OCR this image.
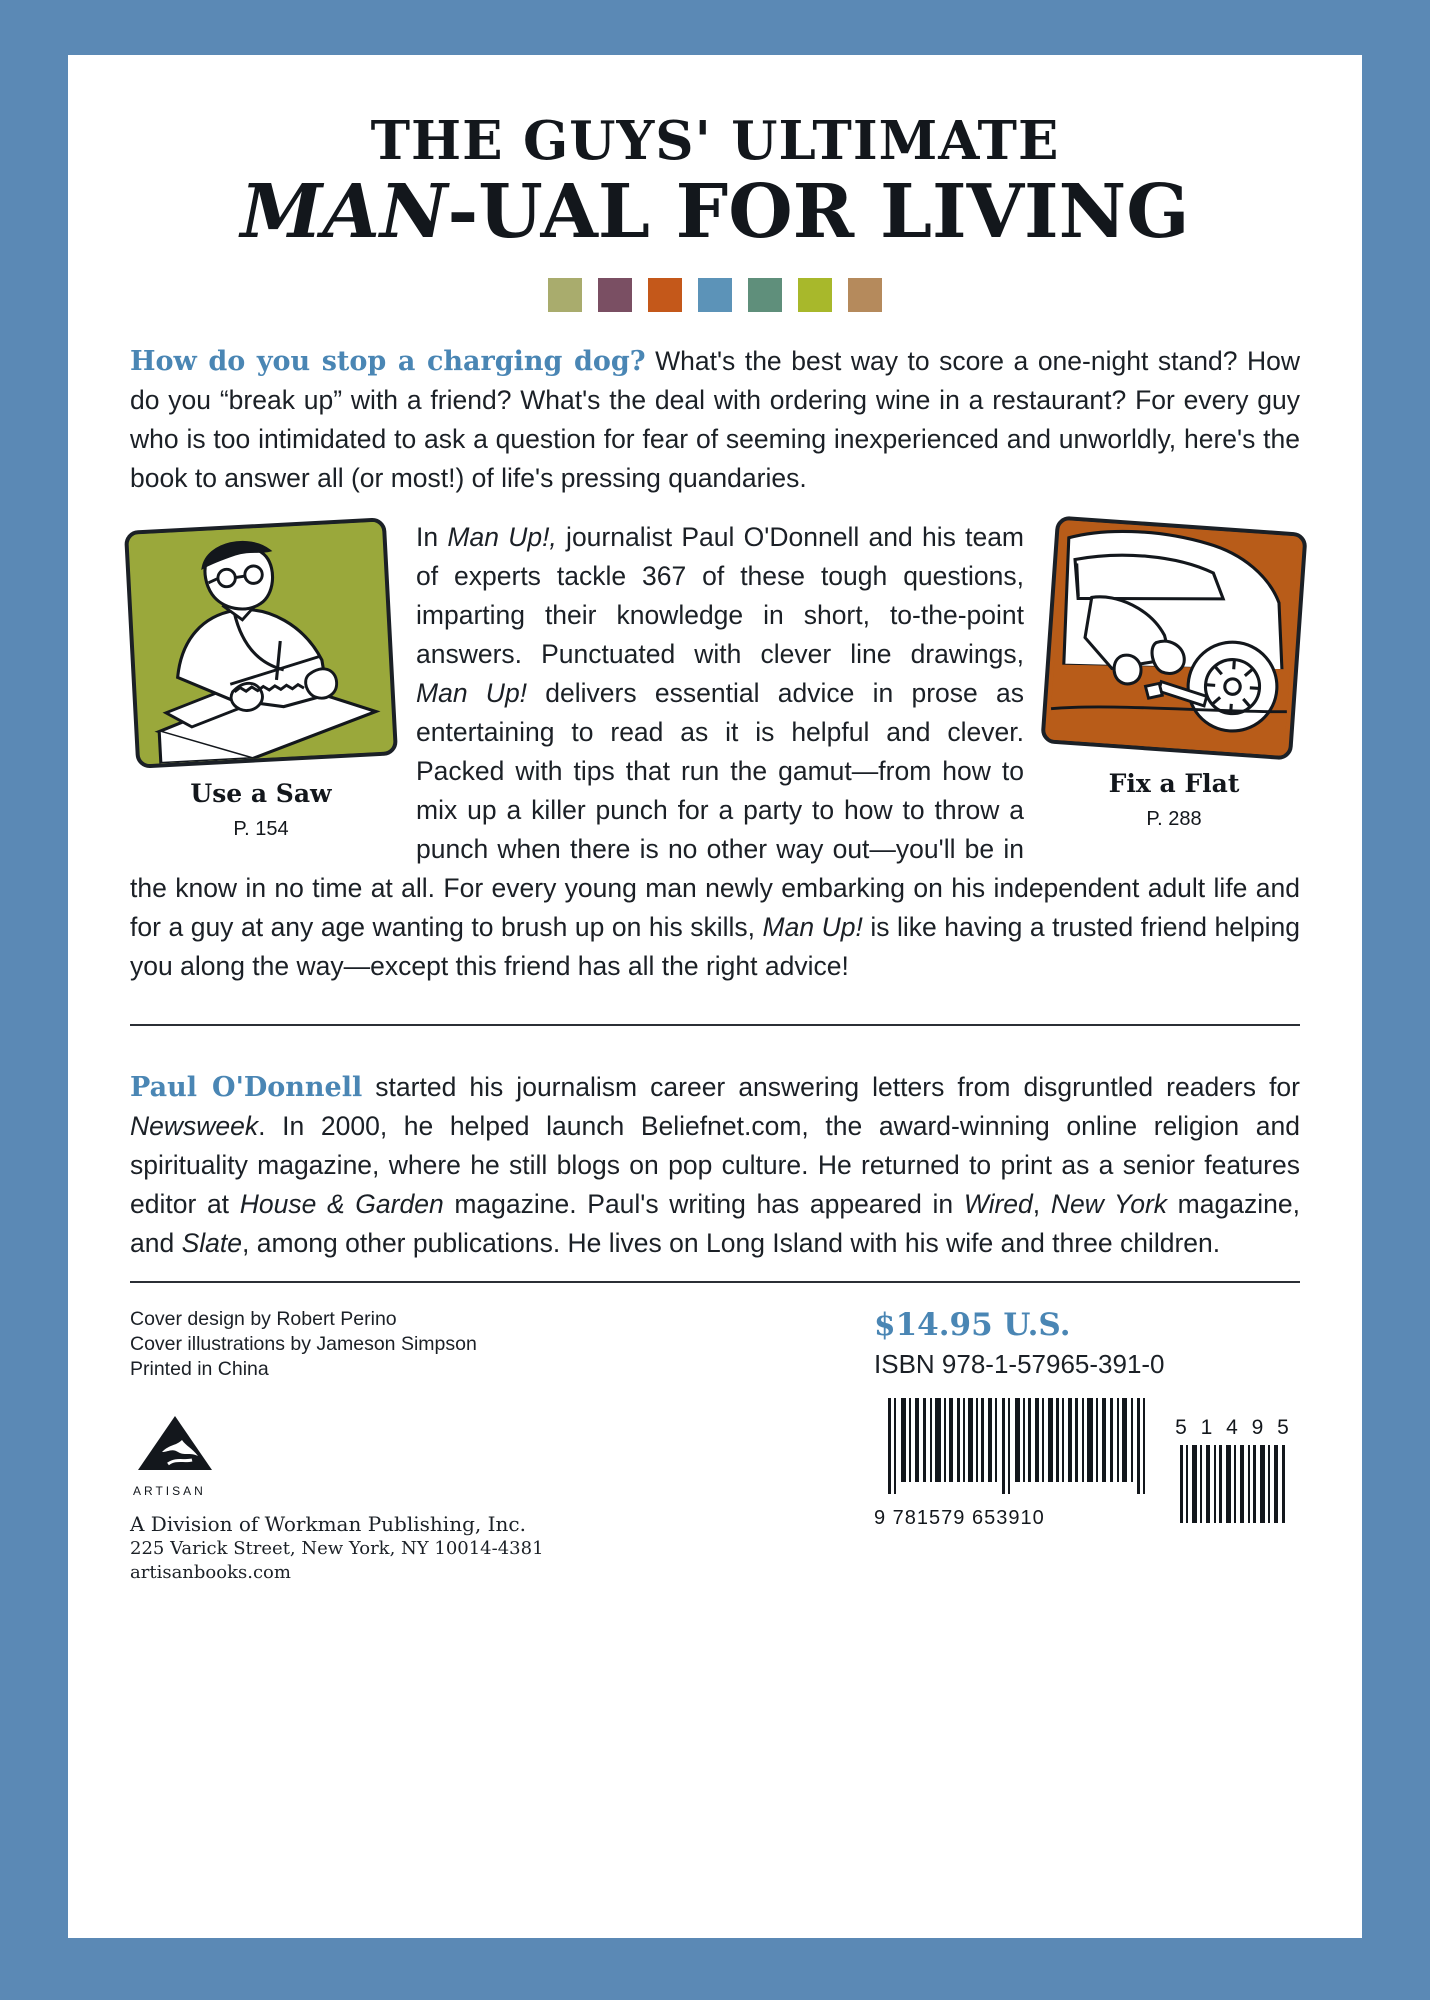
THE GUYS' ULTIMATE
MAN-UAL FOR LIVING

How do you stop a charging dog? What's the best way to score a one-night stand? How do you “break up” with a friend? What's the deal with ordering wine in a restaurant? For every guy who is too intimidated to ask a question for fear of seeming inexperienced and unworldly, here's the book to answer all (or most!) of life's pressing quandaries.

Use a Saw
P. 154
Fix a Flat
P. 288

In Man Up!, journalist Paul O'Donnell and his team of experts tackle 367 of these tough questions, imparting their knowledge in short, to-the-point answers. Punctuated with clever line drawings, Man Up! delivers essential advice in prose as entertaining to read as it is helpful and clever. Packed with tips that run the gamut—from how to mix up a killer punch for a party to how to throw a punch when there is no other way out—you'll be in the know in no time at all. For every young man newly embarking on his independent adult life and for a guy at any age wanting to brush up on his skills, Man Up! is like having a trusted friend helping you along the way—except this friend has all the right advice!

Paul O'Donnell started his journalism career answering letters from disgruntled readers for Newsweek. In 2000, he helped launch Beliefnet.com, the award-winning online religion and spirituality magazine, where he still blogs on pop culture. He returned to print as a senior features editor at House & Garden magazine. Paul's writing has appeared in Wired, New York magazine, and Slate, among other publications. He lives on Long Island with his wife and three children.

Cover design by Robert Perino
Cover illustrations by Jameson Simpson
Printed in China
ARTISAN
A Division of Workman Publishing, Inc.
225 Varick Street, New York, NY 10014-4381
artisanbooks.com
$14.95 U.S.
ISBN 978-1-57965-391-0
9 781579 653910
5 1 4 9 5
